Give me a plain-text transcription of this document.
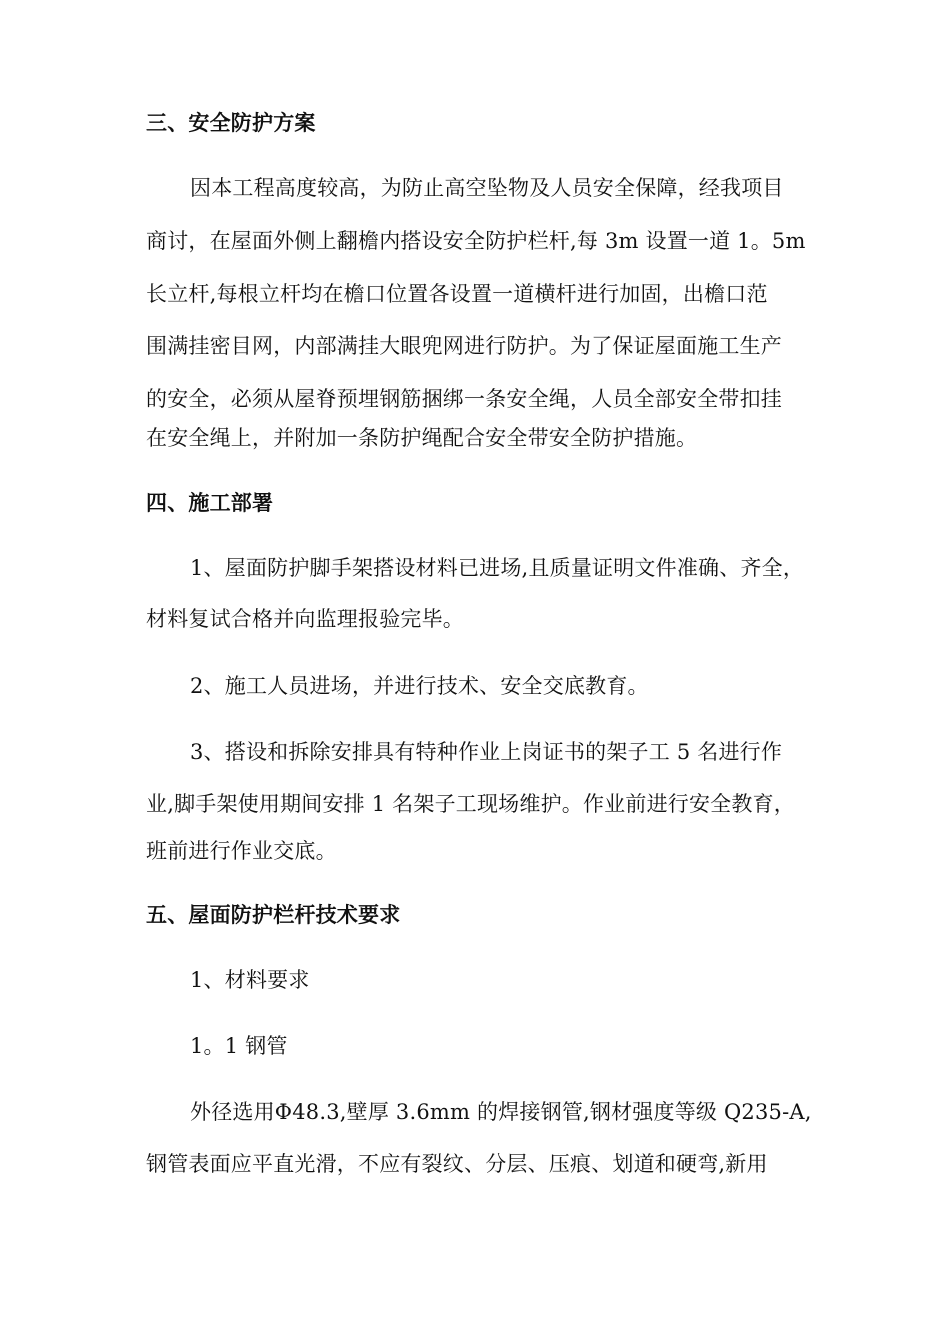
三、安全防护方案
因本工程高度较高，为防止高空坠物及人员安全保障，经我项目
商讨，在屋面外侧上翻檐内搭设安全防护栏杆,每 3m 设置一道 1。5m
长立杆,每根立杆均在檐口位置各设置一道横杆进行加固，出檐口范
围满挂密目网，内部满挂大眼兜网进行防护。为了保证屋面施工生产
的安全，必须从屋脊预埋钢筋捆绑一条安全绳，人员全部安全带扣挂
在安全绳上，并附加一条防护绳配合安全带安全防护措施。
四、施工部署
1、屋面防护脚手架搭设材料已进场,且质量证明文件准确、齐全，
材料复试合格并向监理报验完毕。
2、施工人员进场，并进行技术、安全交底教育。
3、搭设和拆除安排具有特种作业上岗证书的架子工 5 名进行作
业,脚手架使用期间安排 1 名架子工现场维护。作业前进行安全教育，
班前进行作业交底。
五、屋面防护栏杆技术要求
1、材料要求
1。1 钢管
外径选用Φ48.3,壁厚 3.6mm 的焊接钢管,钢材强度等级 Q235-A,
钢管表面应平直光滑，不应有裂纹、分层、压痕、划道和硬弯,新用
